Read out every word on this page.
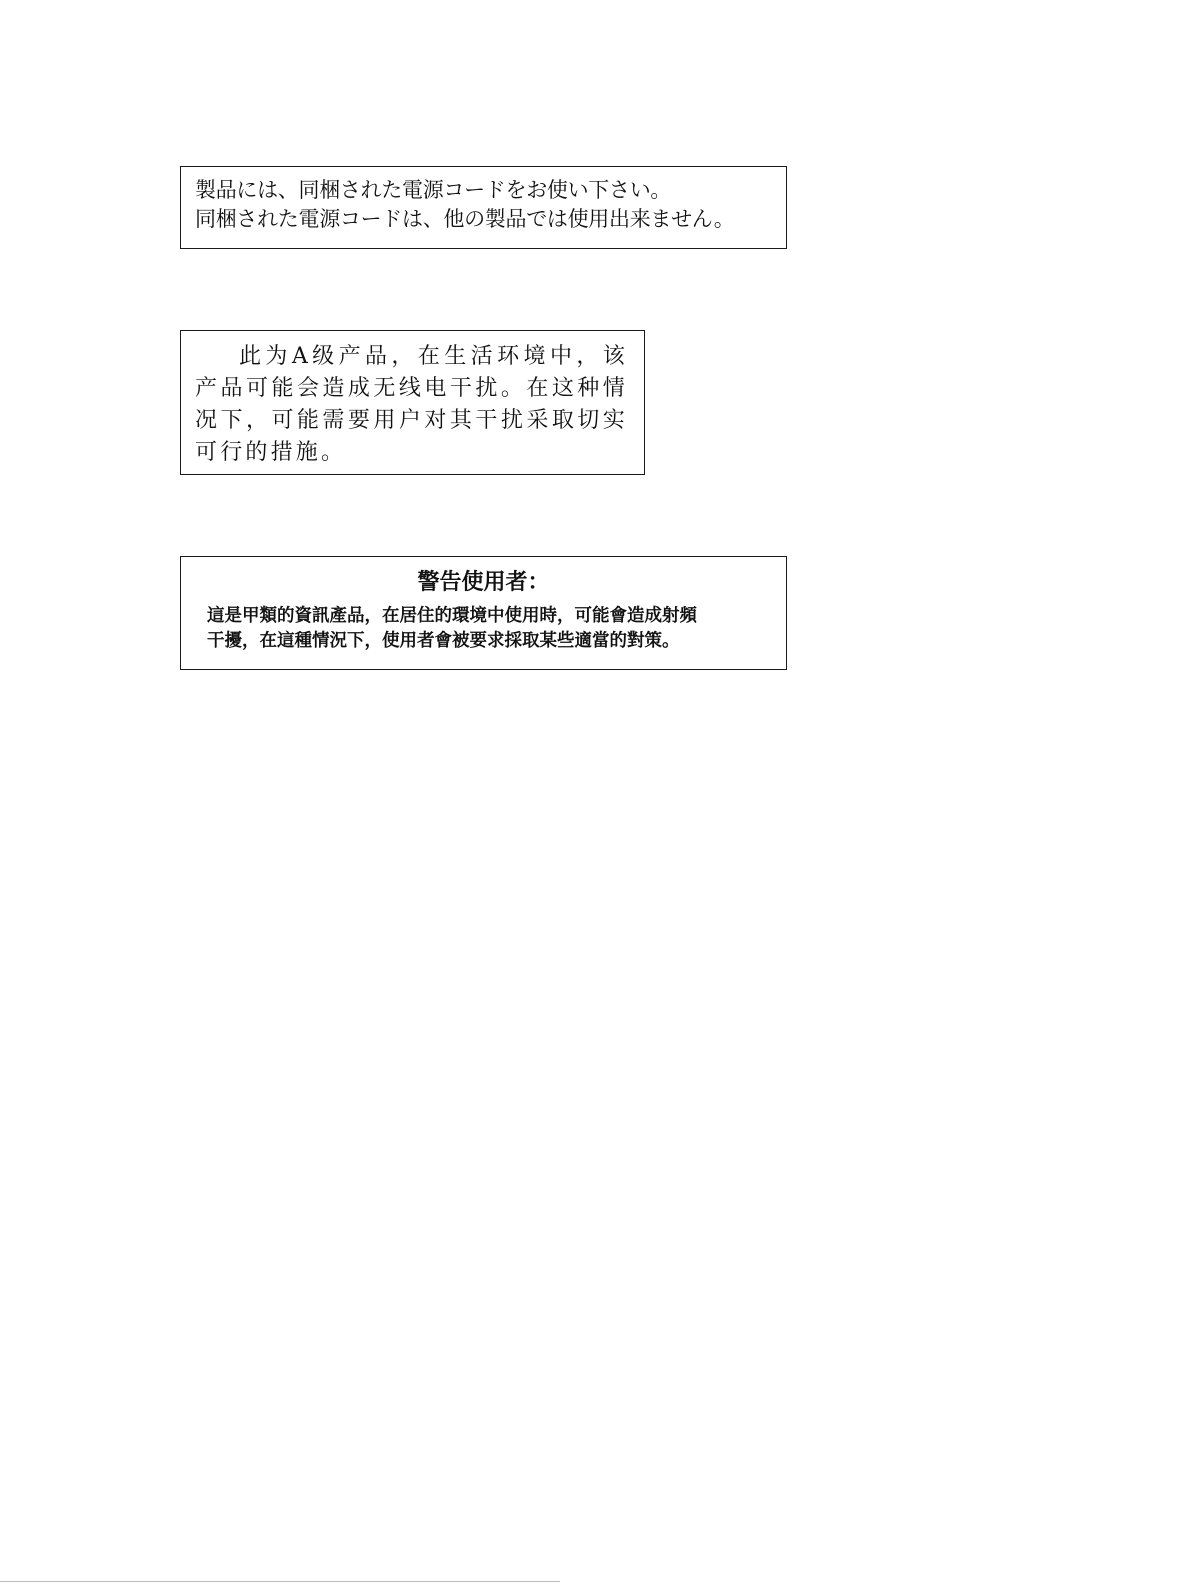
製品には、同梱された電源コードをお使い下さい。
同梱された電源コードは、他の製品では使用出来ません。

此为A级产品，在生活环境中，该产品可能会造成无线电干扰。在这种情况下，可能需要用户对其干扰采取切实可行的措施。

警告使用者：
這是甲類的資訊產品，在居住的環境中使用時，可能會造成射頻
干擾，在這種情況下，使用者會被要求採取某些適當的對策。
